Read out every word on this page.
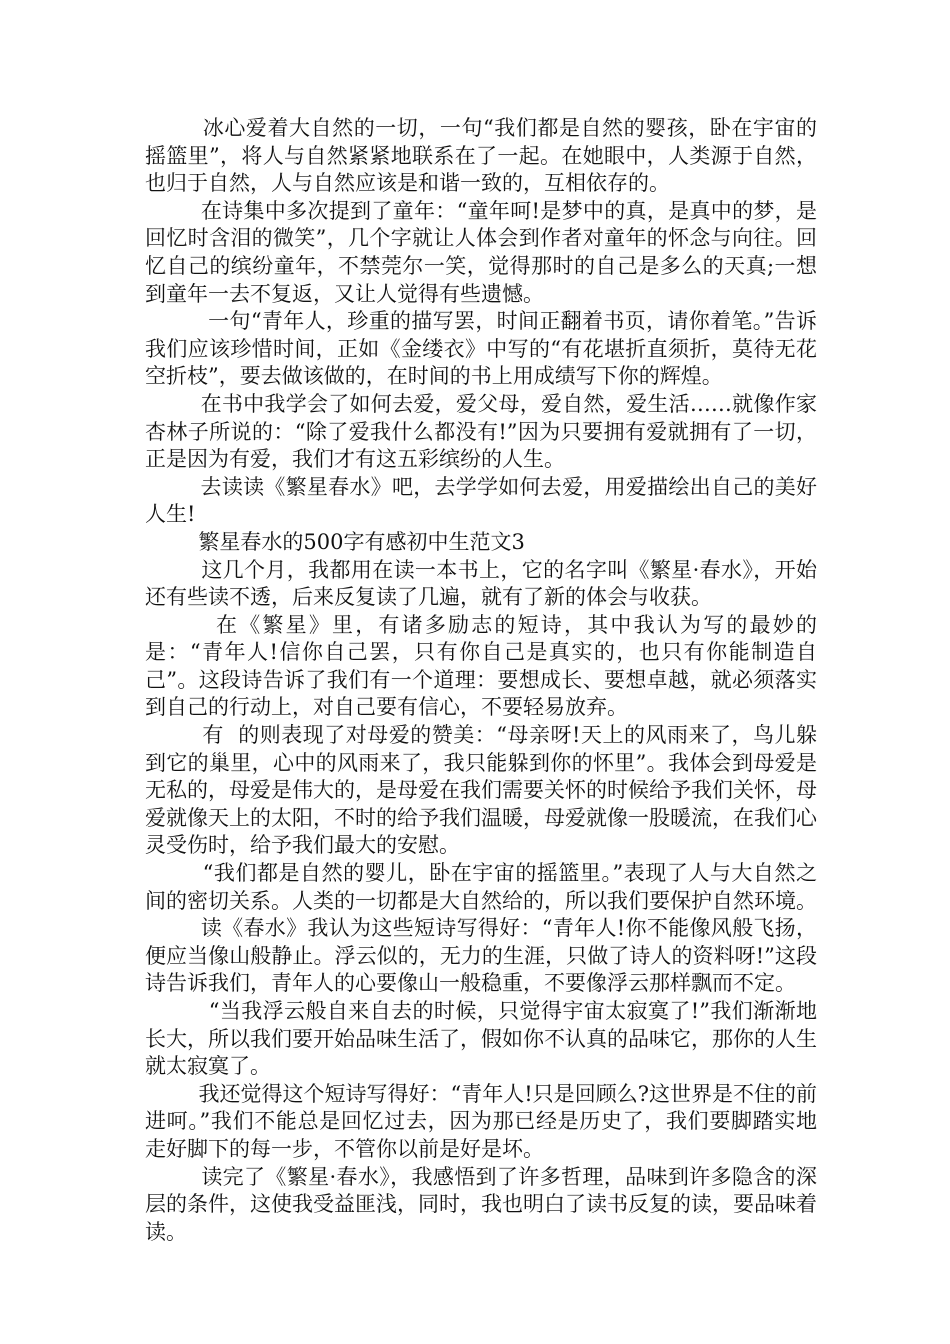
冰心爱着大自然的一切，一句“我们都是自然的婴孩，卧在宇宙的摇篮里”，将人与自然紧紧地联系在了一起。在她眼中，人类源于自然，也归于自然，人与自然应该是和谐一致的，互相依存的。

在诗集中多次提到了童年：“童年呵!是梦中的真，是真中的梦，是回忆时含泪的微笑”，几个字就让人体会到作者对童年的怀念与向往。回忆自己的缤纷童年，不禁莞尔一笑，觉得那时的自己是多么的天真;一想到童年一去不复返，又让人觉得有些遗憾。

一句“青年人，珍重的描写罢，时间正翻着书页，请你着笔。”告诉我们应该珍惜时间，正如《金缕衣》中写的“有花堪折直须折，莫待无花空折枝”，要去做该做的，在时间的书上用成绩写下你的辉煌。

在书中我学会了如何去爱，爱父母，爱自然，爱生活……就像作家杏林子所说的：“除了爱我什么都没有!”因为只要拥有爱就拥有了一切，正是因为有爱，我们才有这五彩缤纷的人生。

去读读《繁星春水》吧，去学学如何去爱，用爱描绘出自己的美好人生!

繁星春水的500字有感初中生范文3

这几个月，我都用在读一本书上，它的名字叫《繁星·春水》，开始还有些读不透，后来反复读了几遍，就有了新的体会与收获。

在《繁星》里，有诸多励志的短诗，其中我认为写的最妙的是：“青年人!信你自己罢，只有你自己是真实的，也只有你能制造自己”。这段诗告诉了我们有一个道理：要想成长、要想卓越，就必须落实到自己的行动上，对自己要有信心，不要轻易放弃。

有  的则表现了对母爱的赞美：“母亲呀!天上的风雨来了，鸟儿躲到它的巢里，心中的风雨来了，我只能躲到你的怀里”。我体会到母爱是无私的，母爱是伟大的，是母爱在我们需要关怀的时候给予我们关怀，母爱就像天上的太阳，不时的给予我们温暖，母爱就像一股暖流，在我们心灵受伤时，给予我们最大的安慰。

“我们都是自然的婴儿，卧在宇宙的摇篮里。”表现了人与大自然之间的密切关系。人类的一切都是大自然给的，所以我们要保护自然环境。

读《春水》我认为这些短诗写得好：“青年人!你不能像风般飞扬，便应当像山般静止。浮云似的，无力的生涯，只做了诗人的资料呀!”这段诗告诉我们，青年人的心要像山一般稳重，不要像浮云那样飘而不定。

“当我浮云般自来自去的时候，只觉得宇宙太寂寞了!”我们渐渐地长大，所以我们要开始品味生活了，假如你不认真的品味它，那你的人生就太寂寞了。

我还觉得这个短诗写得好：“青年人!只是回顾么?这世界是不住的前进呵。”我们不能总是回忆过去，因为那已经是历史了，我们要脚踏实地走好脚下的每一步，不管你以前是好是坏。

读完了《繁星·春水》，我感悟到了许多哲理，品味到许多隐含的深层的条件，这使我受益匪浅，同时，我也明白了读书反复的读，要品味着读。
